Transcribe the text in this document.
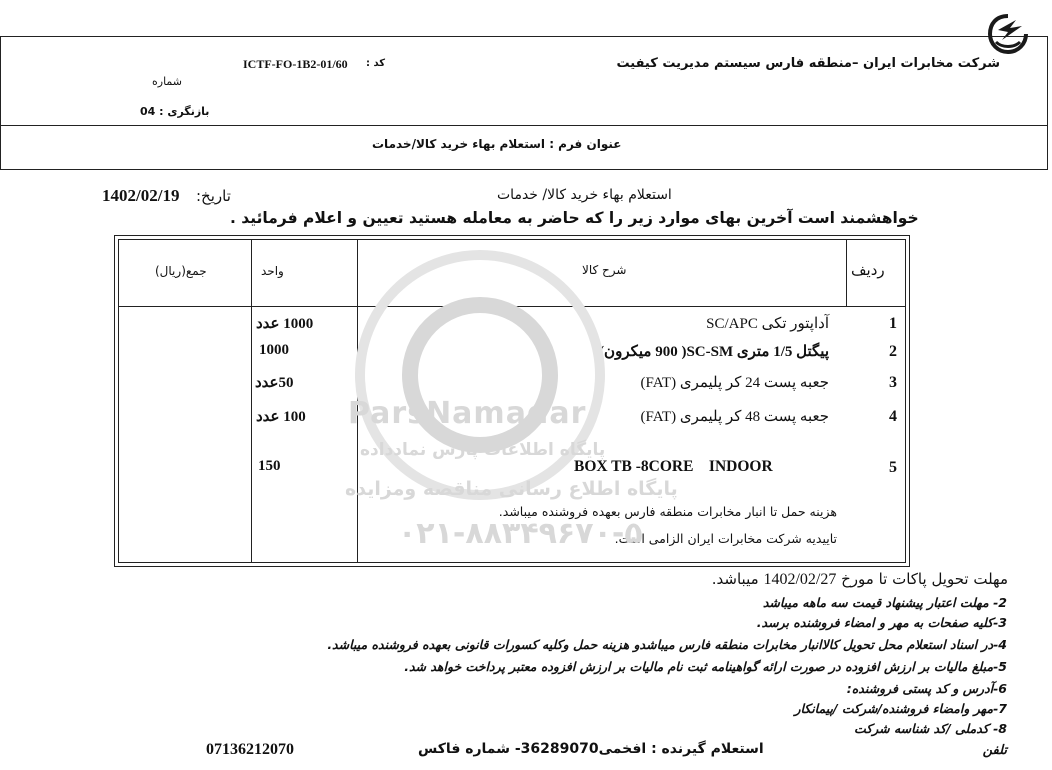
شرکت مخابرات ایران –منطقه فارس سیستم مدیریت کیفیت
کد :
ICTF-FO-1B2-01/60
شماره
بازنگری : 04
عنوان فرم : استعلام بهاء خرید کالا/خدمات
استعلام بهاء خرید کالا/ خدمات
تاریخ:
1402/02/19
خواهشمند است آخرین بهای موارد زیر را که حاضر به معامله هستید تعیین و اعلام فرمائید .
ردیف
شرح کالا
واحد
جمع(ریال)
1
آداپتور تکی SC/APC
1000 عدد
2
پیگتل 1/5 متری SC-SM( 900 میکرون)
1000
3
جعبه پست 24 کر پلیمری (FAT)
50عدد
4
جعبه پست 48 کر پلیمری (FAT)
100 عدد
5
BOX TB -8CORE    INDOOR
150
هزینه حمل تا انبار مخابرات منطقه فارس بعهده فروشنده میباشد.
تاییدیه شرکت مخابرات ایران الزامی است.
ParsNamadar
پایگاه اطلاعات پارس نمادداده
پایگاه اطلاع رسانی مناقصه ومزایده
۰۲۱-۸۸۳۴۹۶۷۰-۵
مهلت تحویل پاکات تا مورخ 1402/02/27 میباشد.
2- مهلت اعتبار پیشنهاد قیمت سه ماهه میباشد
3-کلیه صفحات به مهر و امضاء فروشنده برسد.
4-در اسناد استعلام محل تحویل کالاانبار مخابرات منطقه فارس میباشدو هزینه حمل وکلیه کسورات قانونی بعهده فروشنده میباشد.
5-مبلغ مالیات بر ارزش افزوده در صورت ارائه گواهینامه ثبت نام مالیات بر ارزش افزوده معتبر پرداخت خواهد شد.
6-آدرس و کد پستی فروشنده:
7-مهر وامضاء فروشنده/شرکت /پیمانکار
8- کدملی /کد شناسه شرکت
تلفن
استعلام گیرنده : افخمی36289070- شماره فاکس
07136212070
